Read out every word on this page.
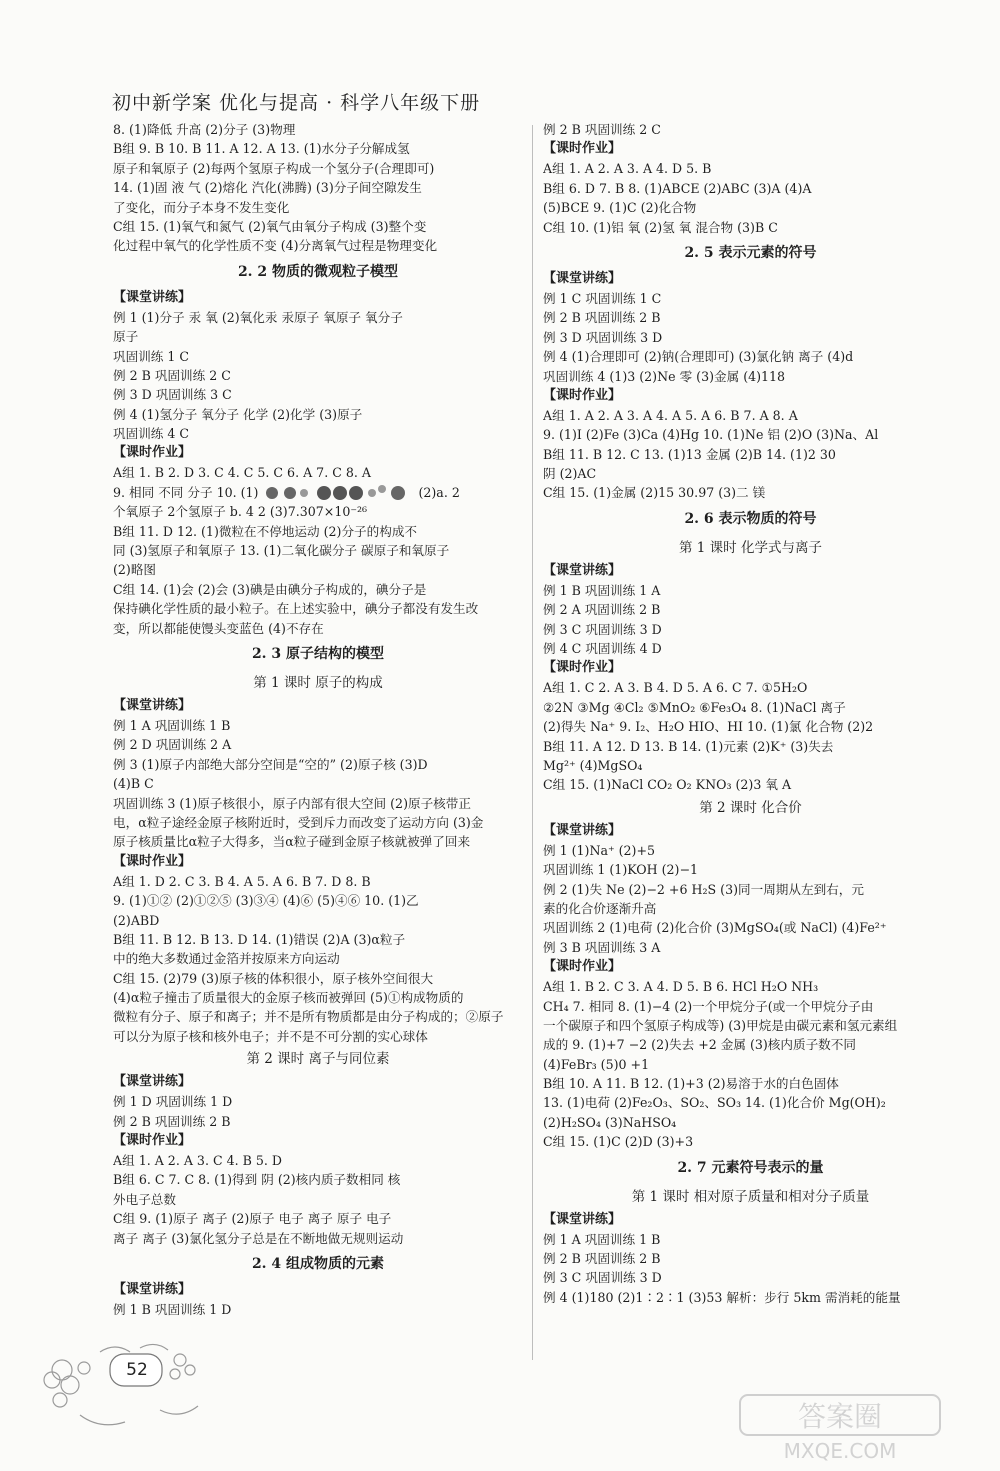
初中新学案 优化与提高 · 科学八年级下册
8. (1)降低 升高 (2)分子 (3)物理
B组 9. B 10. B 11. A 12. A 13. (1)水分子分解成氢
原子和氧原子 (2)每两个氢原子构成一个氢分子(合理即可)
14. (1)固 液 气 (2)熔化 汽化(沸腾) (3)分子间空隙发生
了变化，而分子本身不发生变化
C组 15. (1)氧气和氮气 (2)氧气由氧分子构成 (3)整个变
化过程中氧气的化学性质不变 (4)分离氧气过程是物理变化
2. 2 物质的微观粒子模型
【课堂讲练】
例 1 (1)分子 汞 氧 (2)氧化汞 汞原子 氧原子 氧分子
原子
巩固训练 1 C
例 2 B 巩固训练 2 C
例 3 D 巩固训练 3 C
例 4 (1)氢分子 氧分子 化学 (2)化学 (3)原子
巩固训练 4 C
【课时作业】
A组 1. B 2. D 3. C 4. C 5. C 6. A 7. C 8. A
9. 相同 不同 分子 10. (1)	(2)a. 2
个氧原子 2个氢原子 b. 4 2 (3)7.307×10⁻²⁶
B组 11. D 12. (1)微粒在不停地运动 (2)分子的构成不
同 (3)氢原子和氧原子 13. (1)二氧化碳分子 碳原子和氧原子
(2)略图
C组 14. (1)会 (2)会 (3)碘是由碘分子构成的，碘分子是
保持碘化学性质的最小粒子。在上述实验中，碘分子都没有发生改
变，所以都能使馒头变蓝色 (4)不存在
2. 3 原子结构的模型
第 1 课时 原子的构成
【课堂讲练】
例 1 A 巩固训练 1 B
例 2 D 巩固训练 2 A
例 3 (1)原子内部绝大部分空间是“空的” (2)原子核 (3)D
(4)B C
巩固训练 3 (1)原子核很小，原子内部有很大空间 (2)原子核带正
电，α粒子途经金原子核附近时，受到斥力而改变了运动方向 (3)金
原子核质量比α粒子大得多，当α粒子碰到金原子核就被弹了回来
【课时作业】
A组 1. D 2. C 3. B 4. A 5. A 6. B 7. D 8. B
9. (1)①② (2)①②⑤ (3)③④ (4)⑥ (5)④⑥ 10. (1)乙
(2)ABD
B组 11. B 12. B 13. D 14. (1)错误 (2)A (3)α粒子
中的绝大多数通过金箔并按原来方向运动
C组 15. (2)79 (3)原子核的体积很小，原子核外空间很大
(4)α粒子撞击了质量很大的金原子核而被弹回 (5)①构成物质的
微粒有分子、原子和离子；并不是所有物质都是由分子构成的；②原子
可以分为原子核和核外电子；并不是不可分割的实心球体
第 2 课时 离子与同位素
【课堂讲练】
例 1 D 巩固训练 1 D
例 2 B 巩固训练 2 B
【课时作业】
A组 1. A 2. A 3. C 4. B 5. D
B组 6. C 7. C 8. (1)得到 阴 (2)核内质子数相同 核
外电子总数
C组 9. (1)原子 离子 (2)原子 电子 离子 原子 电子
离子 离子 (3)氯化氢分子总是在不断地做无规则运动
2. 4 组成物质的元素
【课堂讲练】
例 1 B 巩固训练 1 D
例 2 B 巩固训练 2 C
【课时作业】
A组 1. A 2. A 3. A 4. D 5. B
B组 6. D 7. B 8. (1)ABCE (2)ABC (3)A (4)A
(5)BCE 9. (1)C (2)化合物
C组 10. (1)铝 氧 (2)氢 氧 混合物 (3)B C
2. 5 表示元素的符号
【课堂讲练】
例 1 C 巩固训练 1 C
例 2 B 巩固训练 2 B
例 3 D 巩固训练 3 D
例 4 (1)合理即可 (2)钠(合理即可) (3)氯化钠 离子 (4)d
巩固训练 4 (1)3 (2)Ne 零 (3)金属 (4)118
【课时作业】
A组 1. A 2. A 3. A 4. A 5. A 6. B 7. A 8. A
9. (1)I (2)Fe (3)Ca (4)Hg 10. (1)Ne 铝 (2)O (3)Na、Al
B组 11. B 12. C 13. (1)13 金属 (2)B 14. (1)2 30
阴 (2)AC
C组 15. (1)金属 (2)15 30.97 (3)二 镁
2. 6 表示物质的符号
第 1 课时 化学式与离子
【课堂讲练】
例 1 B 巩固训练 1 A
例 2 A 巩固训练 2 B
例 3 C 巩固训练 3 D
例 4 C 巩固训练 4 D
【课时作业】
A组 1. C 2. A 3. B 4. D 5. A 6. C 7. ①5H₂O
②2N ③Mg ④Cl₂ ⑤MnO₂ ⑥Fe₃O₄ 8. (1)NaCl 离子
(2)得失 Na⁺ 9. I₂、H₂O HIO、HI 10. (1)氯 化合物 (2)2
B组 11. A 12. D 13. B 14. (1)元素 (2)K⁺ (3)失去
Mg²⁺ (4)MgSO₄
C组 15. (1)NaCl CO₂ O₂ KNO₃ (2)3 氧 A
第 2 课时 化合价
【课堂讲练】
例 1 (1)Na⁺ (2)+5
巩固训练 1 (1)KOH (2)−1
例 2 (1)失 Ne (2)−2 +6 H₂S (3)同一周期从左到右，元
素的化合价逐渐升高
巩固训练 2 (1)电荷 (2)化合价 (3)MgSO₄(或 NaCl) (4)Fe²⁺
例 3 B 巩固训练 3 A
【课时作业】
A组 1. B 2. C 3. A 4. D 5. B 6. HCl H₂O NH₃
CH₄ 7. 相同 8. (1)−4 (2)一个甲烷分子(或一个甲烷分子由
一个碳原子和四个氢原子构成等) (3)甲烷是由碳元素和氢元素组
成的 9. (1)+7 −2 (2)失去 +2 金属 (3)核内质子数不同
(4)FeBr₃ (5)0 +1
B组 10. A 11. B 12. (1)+3 (2)易溶于水的白色固体
13. (1)电荷 (2)Fe₂O₃、SO₂、SO₃ 14. (1)化合价 Mg(OH)₂
(2)H₂SO₄ (3)NaHSO₄
C组 15. (1)C (2)D (3)+3
2. 7 元素符号表示的量
第 1 课时 相对原子质量和相对分子质量
【课堂讲练】
例 1 A 巩固训练 1 B
例 2 B 巩固训练 2 B
例 3 C 巩固训练 3 D
例 4 (1)180 (2)1∶2∶1 (3)53 解析：步行 5km 需消耗的能量
52
答案圈
MXQE.COM
